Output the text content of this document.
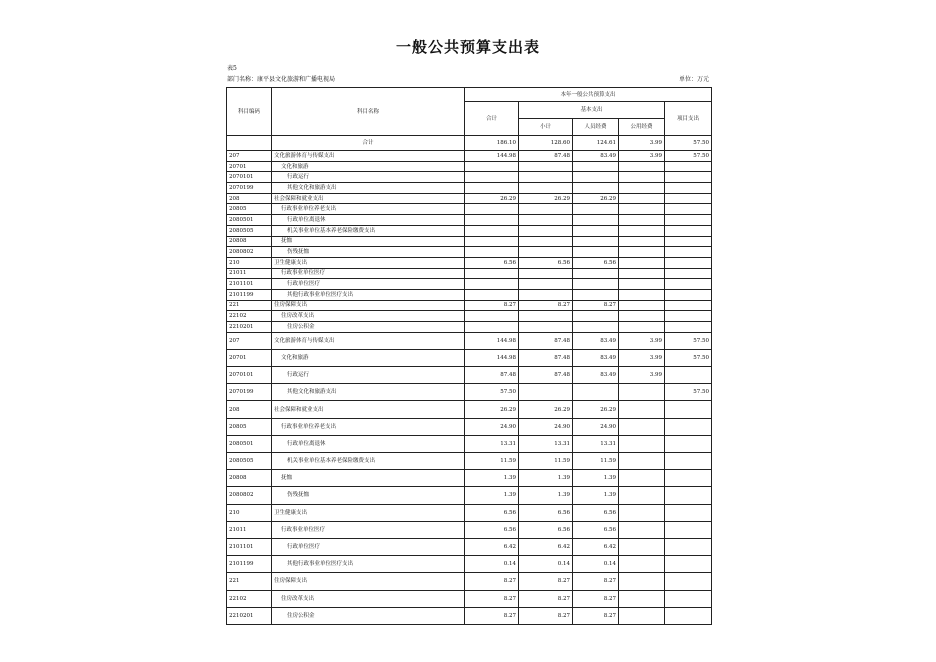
一般公共预算支出表
表5
部门名称：康平县文化旅游和广播电视局	单位：万元
科目编码	科目名称	本年一般公共预算支出				
		合计	基本支出			项目支出
			小计	人员经费	公用经费	
	合计	186.10	128.60	124.61	3.99	57.50
207	文化旅游体育与传媒支出	144.98	87.48	83.49	3.99	57.50
20701	文化和旅游					
2070101	行政运行					
2070199	其他文化和旅游支出					
208	社会保障和就业支出	26.29	26.29	26.29		
20805	行政事业单位养老支出					
2080501	行政单位离退休					
2080505	机关事业单位基本养老保险缴费支出					
20808	抚恤					
2080802	伤残抚恤					
210	卫生健康支出	6.56	6.56	6.56		
21011	行政事业单位医疗					
2101101	行政单位医疗					
2101199	其他行政事业单位医疗支出					
221	住房保障支出	8.27	8.27	8.27		
22102	住房改革支出					
2210201	住房公积金					
207	文化旅游体育与传媒支出	144.98	87.48	83.49	3.99	57.50
20701	文化和旅游	144.98	87.48	83.49	3.99	57.50
2070101	行政运行	87.48	87.48	83.49	3.99	
2070199	其他文化和旅游支出	57.50				57.50
208	社会保障和就业支出	26.29	26.29	26.29		
20805	行政事业单位养老支出	24.90	24.90	24.90		
2080501	行政单位离退休	13.31	13.31	13.31		
2080505	机关事业单位基本养老保险缴费支出	11.59	11.59	11.59		
20808	抚恤	1.39	1.39	1.39		
2080802	伤残抚恤	1.39	1.39	1.39		
210	卫生健康支出	6.56	6.56	6.56		
21011	行政事业单位医疗	6.56	6.56	6.56		
2101101	行政单位医疗	6.42	6.42	6.42		
2101199	其他行政事业单位医疗支出	0.14	0.14	0.14		
221	住房保障支出	8.27	8.27	8.27		
22102	住房改革支出	8.27	8.27	8.27		
2210201	住房公积金	8.27	8.27	8.27		
